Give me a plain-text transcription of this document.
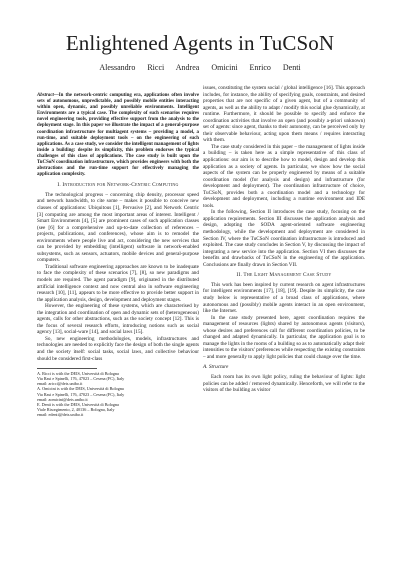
Enlightened Agents in TuCSoN
Alessandro Ricci Andrea Omicini Enrico Denti
Abstract—In the network-centric computing era, applications often involve sets of autonomous, unpredictable, and possibly mobile entities interacting within open, dynamic, and possibly unreliable environments. Intelligent Environments are a typical case. The complexity of such scenarios requires novel engineering tools, providing effective support from the analysis to the deployment stage. In this paper we illustrate the impact of a general-purpose coordination infrastructure for multiagent systems – providing a model, a run-time, and suitable deployment tools – on the engineering of such applications. As a case study, we consider the intelligent management of lights inside a building: despite its simplicity, this problem endorses the typical challenges of this class of applications. The case study is built upon the TuCSoN coordination infrastructure, which provides engineers with both the abstractions and the run-time support for effectively managing the application complexity.
I. Introduction for Network-Centric Computing

The technological progress – concerning chip density, processor speed and network bandwidth, to cite some – makes it possible to conceive new classes of applications: Ubiquitous [1], Pervasive [2], and Network Centric [3] computing are among the most important areas of interest. Intelligent / Smart Environments [4], [5] are prominent cases of such application classes (see [6] for a comprehensive and up-to-date collection of references – projects, publications, and conferences), whose aim is to remodel the environments where people live and act, considering the new services that can be provided by embedding (intelligent) software in network-enabled subsystems, such as sensors, actuators, mobile devices and general-purpose computers.

Traditional software engineering approaches are known to be inadequate to face the complexity of these scenarios [7], [8], so new paradigms and models are required. The agent paradigm [9], originated in the distributed artificial intelligence context and now central also in software engineering research [10], [11], appears to be more effective to provide better support in the application analysis, design, development and deployment stages.

However, the engineering of these systems, which are characterised by the integration and coordination of open and dynamic sets of (heterogeneous) agents, calls for other abstractions, such as the society concept [12]. This is the focus of several research efforts, introducing notions such as social agency [13], social-ware [14], and social laws [15].

So, new engineering methodologies, models, infrastructures and technologies are needed to explicitly face the design of both the single agents and the society itself: social tasks, social laws, and collective behaviour should be considered first-class

A. Ricci is with the DEIS, Università di Bologna
Via Rasi e Spinelli, 176, 47023 – Cesena (FC), Italy
email: aricci@deis.unibo.it
A. Omicini is with the DEIS, Università di Bologna
Via Rasi e Spinelli, 176, 47023 – Cesena (FC), Italy
email: aomicini@deis.unibo.it
E. Denti is with the DEIS, Università di Bologna
Viale Risorgimento, 2, 40136 – Bologna, Italy
email: edenti@deis.unibo.it

issues, constituting the system social / global intelligence [16]. This approach includes, for instance, the ability of specifying goals, constraints, and desired properties that are not specific of a given agent, but of a community of agents, as well as the ability to adapt / modify this social glue dynamically, at runtime. Furthermore, it should be possible to specify and enforce the coordination activities that involve an open (and possibly a-priori unknown) set of agents: since agent, thanks to their autonomy, can be perceived only by their observable behaviour, acting upon them means / requires interacting with them.

The case study considered in this paper – the management of lights inside a building – is taken here as a simple representative of this class of applications: our aim is to describe how to model, design and develop this application as a society of agents. In particular, we show how the social aspects of the system can be properly engineered by means of a suitable coordination model (for analysis and design) and infrastructure (for development and deployment). The coordination infrastructure of choice, TuCSoN, provides both a coordination model and a technology for development and deployment, including a runtime environment and IDE tools.

In the following, Section II introduces the case study, focusing on the application requirements. Section III discusses the application analysis and design, adopting the SODA agent-oriented software engineering methodology, while the development and deployment are considered in Section IV, where the TuCSoN coordination infrastructure is introduced and exploited. The case study concludes in Section V, by discussing the impact of integrating a new service into the application. Section VI then discusses the benefits and drawbacks of TuCSoN in the engineering of the application. Conclusions are finally drawn in Section VII.

II. The Light Management Case Study

This work has been inspired by current research on agent infrastructures for intelligent environments [17], [18], [19]. Despite its simplicity, the case study below is representative of a broad class of applications, where autonomous and (possibly) mobile agents interact in an open environment, like the Internet.

In the case study presented here, agent coordination requires the management of resources (lights) shared by autonomous agents (visitors), whose desires and preferences call for different coordination policies, to be changed and adapted dynamically. In particular, the application goal is to manage the lights in the rooms of a building so as to automatically adapt their intensities to the visitors' preferences while respecting the existing constraints – and more generally to apply light policies that could change over the time.

A. Structure

Each room has its own light policy, ruling the behaviour of lights: light policies can be added / removed dynamically. Henceforth, we will refer to the visitors of the building as visitor
